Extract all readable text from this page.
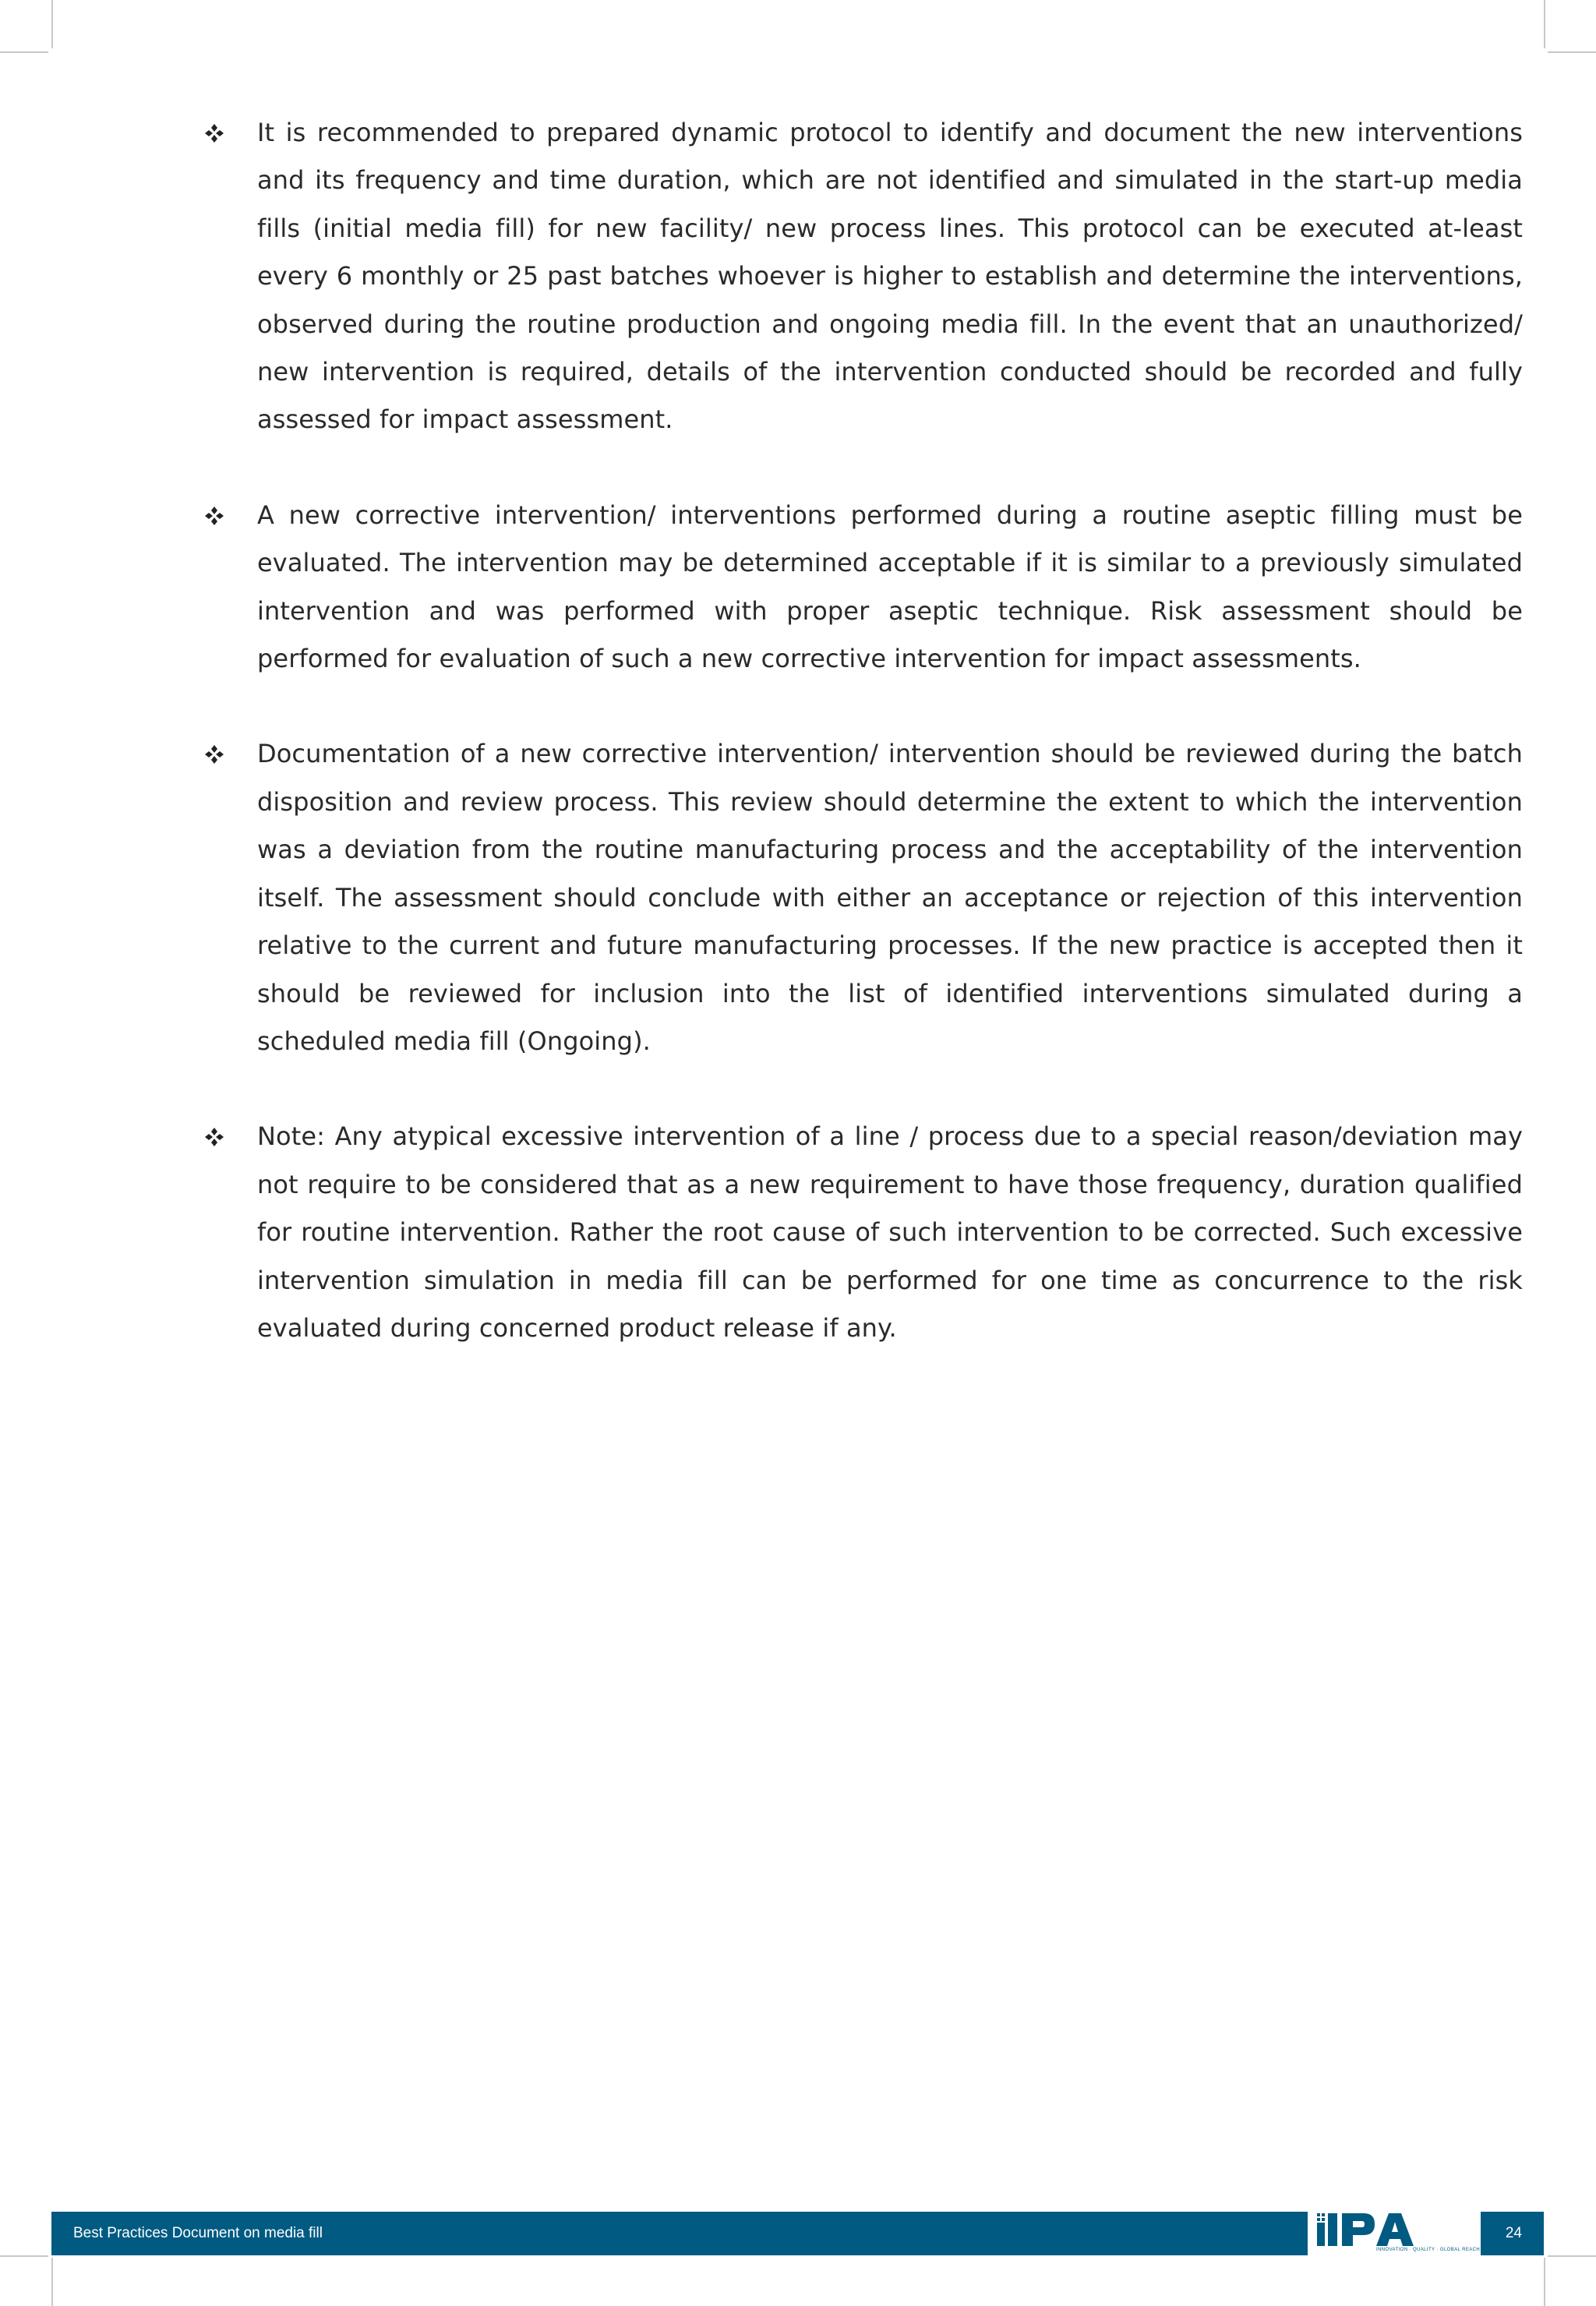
It is recommended to prepared dynamic protocol to identify and document the new interventions and its frequency and time duration, which are not identified and simulated in the start-up media fills (initial media fill) for new facility/ new process lines. This protocol can be executed at-least every 6 monthly or 25 past batches whoever is higher to establish and determine the interventions, observed during the routine production and ongoing media fill. In the event that an unauthorized/ new intervention is required, details of the intervention conducted should be recorded and fully assessed for impact assessment.

A new corrective intervention/ interventions performed during a routine aseptic filling must be evaluated. The intervention may be determined acceptable if it is similar to a previously simulated intervention and was performed with proper aseptic technique. Risk assessment should be performed for evaluation of such a new corrective intervention for impact assessments.

Documentation of a new corrective intervention/ intervention should be reviewed during the batch disposition and review process. This review should determine the extent to which the intervention was a deviation from the routine manufacturing process and the acceptability of the intervention itself. The assessment should conclude with either an acceptance or rejection of this intervention relative to the current and future manufacturing processes. If the new practice is accepted then it should be reviewed for inclusion into the list of identified interventions simulated during a scheduled media fill (Ongoing).

Note: Any atypical excessive intervention of a line / process due to a special reason/deviation may not require to be considered that as a new requirement to have those frequency, duration qualified for routine intervention. Rather the root cause of such intervention to be corrected. Such excessive intervention simulation in media fill can be performed for one time as concurrence to the risk evaluated during concerned product release if any.

Best Practices Document on media fill
INNOVATION · QUALITY · GLOBAL REACH
24
